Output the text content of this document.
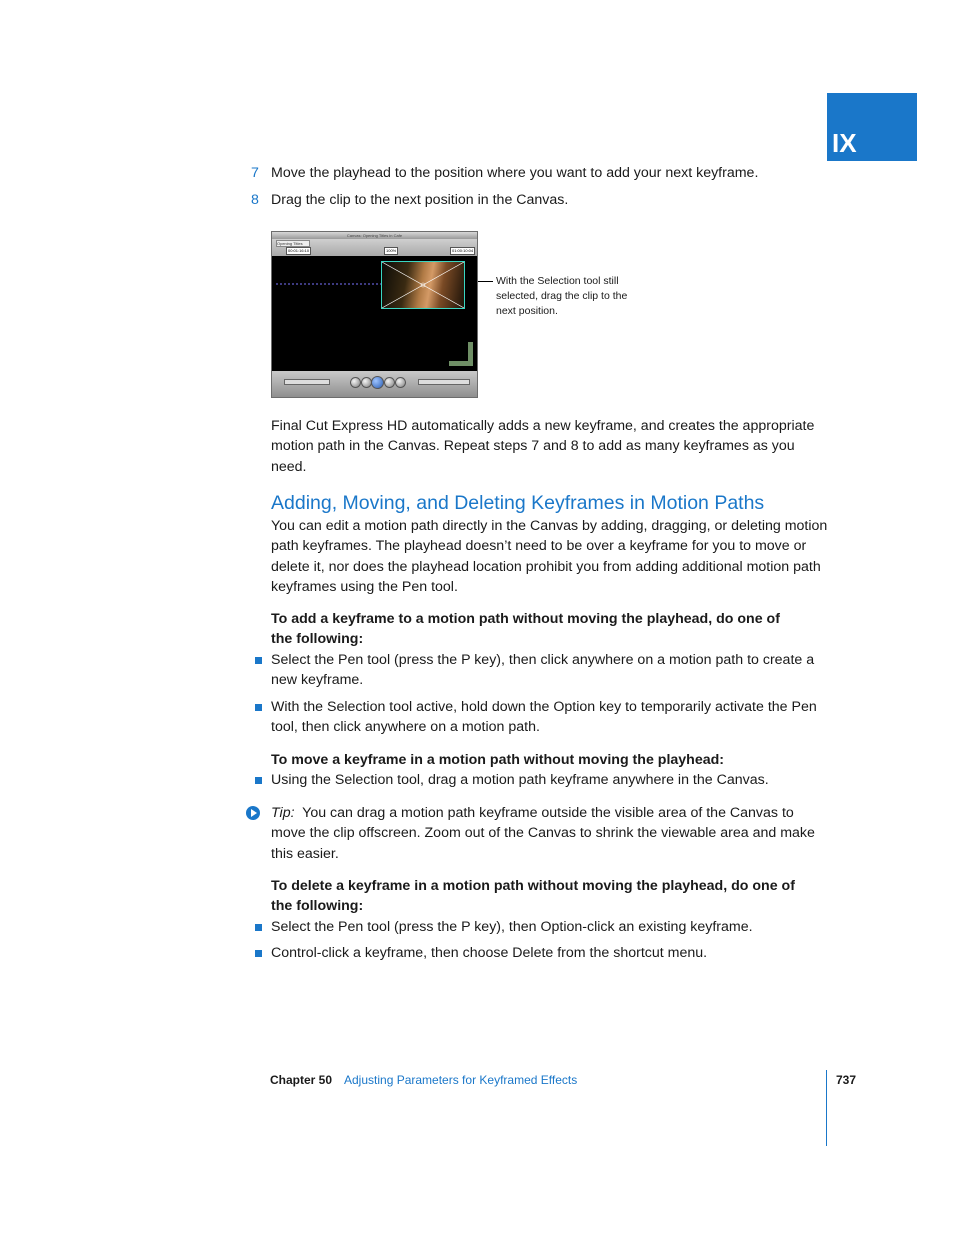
IX
7 Move the playhead to the position where you want to add your next keyframe.
8 Drag the clip to the next position in the Canvas.
Canvas: Opening Titles in Cafe
Opening Titles
00:01:16:10	100%	01:00:10:04
With the Selection tool still selected, drag the clip to the next position.
Final Cut Express HD automatically adds a new keyframe, and creates the appropriate motion path in the Canvas. Repeat steps 7 and 8 to add as many keyframes as you need.
Adding, Moving, and Deleting Keyframes in Motion Paths
You can edit a motion path directly in the Canvas by adding, dragging, or deleting motion path keyframes. The playhead doesn’t need to be over a keyframe for you to move or delete it, nor does the playhead location prohibit you from adding additional motion path keyframes using the Pen tool.
To add a keyframe to a motion path without moving the playhead, do one of the following:
Select the Pen tool (press the P key), then click anywhere on a motion path to create a new keyframe.
With the Selection tool active, hold down the Option key to temporarily activate the Pen tool, then click anywhere on a motion path.
To move a keyframe in a motion path without moving the playhead:
Using the Selection tool, drag a motion path keyframe anywhere in the Canvas.
Tip: You can drag a motion path keyframe outside the visible area of the Canvas to move the clip offscreen. Zoom out of the Canvas to shrink the viewable area and make this easier.
To delete a keyframe in a motion path without moving the playhead, do one of the following:
Select the Pen tool (press the P key), then Option-click an existing keyframe.
Control-click a keyframe, then choose Delete from the shortcut menu.
Chapter 50 Adjusting Parameters for Keyframed Effects	737
